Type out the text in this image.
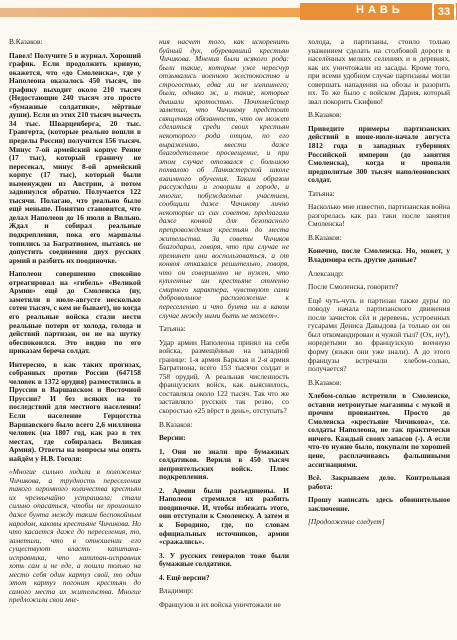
НАВЬ	33

В.Казаков:

Павел! Получите 5 в журнал. Хороший график. Если продолжить кривую, окажется, что «до Смоленска», где у Наполеона оказалось 450 тысяч, по графику выходит около 210 тысяч (Недостающие 240 тысяч это просто «бумажные солдатики», мёртвые души). Если из этих 210 тысяч вычесть 34 тыс. Шварценберга, 20 тыс. Гравгерта, (которые реально вошли в пределы России) получится 156 тысяч. Минус 7-ой армейский корпус Рение (17 тыс), который граничу не пересекал, минус 8-ой армейский корпус (17 тыс), который были выменужден из Австрии, а потом задвинулся обратно. Получается 122 тысячи. Полагаю, что реально было ещё меньше. Понятно становится, что делал Наполеон до 16 июля в Вильно. Ждал и собирал реальные подкрепления, пока его маршалы топились за Багратионом, пытаясь не допустить соединения двух русских армий и разбить их поодиночке.

Наполеон совершенно спокойно отреагировал на «гибель» «Великой Армии» ещё до Смоленска (ну, заметили в июле-августе несколько сотен тысяч, с кем не бывает), но когда его реальные войска стали нести реальные потери от холода, голода и действий партизан, он не на шутку обеспокоился. Это видно по его приказам береча солдат.

Интересно, в как таких прогнзах, собранных против России (647158 человек в 1372 орудия) разместились в Пруссии в Варшавском и Восточной Пруссии? И без всяких на то последствий для местного населения! Если население Герцогства Варшавского было всего 2,6 миллиона человек (на 1807 год, как раз в тех местах, где собиралась Великая Армия). Ответы на вопросы мы опять найдём у Н.В. Гоголя:

«Многие сильно ходили в положение Чичикова, а трудность переселения такого огромного количества крестьян их чрезвычайно устрашала; стали сильно опасаться, чтобы не произошло даже бунта между таким беспокойным народом, каковы крестьяне Чичикова. Но что касается даже до переселения, то, заметили, что в отношении его существуют власть капитана-исправника, что капитан-исправник хоть сам и не еде, а пошли только на место себя один картуз свой, то один этот картуз погонит крестьян до самого места их жительства. Многие предложили свои мне-

ния насчет того, как искоренить буйный дух, обуревавший крестьян Чичикова. Мнения были всякого рода: были такие, которые уже чересчур отзывались военною жестокостью и строгостью, едва ли не излишнего; были, однако ж, и такие, которые дышали кротостью. Почтмейстер заметил, что Чичикову предстоит священная обязанность, что он может сделаться среди своих крестьян некоторого рода отцом, по его выражению, ввести даже благодетельное просвещение, и при этом случае отозвался с большою похвалою об Ланкастерской школе взаимного обучения. Таким образом рассуждали и говорили в городе, и многие, побуждаемые участием, сообщили даже Чичикову лично некоторые из сих советов, предлагали даже конвой для безопасного препровождения крестьян до места жительства. За советы Чичиков благодарил, говоря, что при случае не преминет ими воспользоваться, а от конвоя отказался решительно, говоря, что он совершенно не нужен, что купленные им крестьяне отменно смирного характера, чувствуют сами добровольное расположение к переселению и что бунта ни в каком случае между ними быть не может».

Татьяна:

Удар армии Наполеона принял на себя войска, размещённые на западной границе: 1-я армия Барклая и 2-я армия Багратиона, всего 153 тысячи солдат и 758 орудий. А реальная численность французских войск, как выяснилось, составляла около 122 тысяч. Так что же заставляло русских так резво, со скоростью «25 вёрст в день», отступать?

В.Казаков:

Версии:

1. Они не знали про бумажных солдатиков. Верили в 450 тысяч неприятельских войск. Плюс подкрепления.

2. Армии были разъединены. И Наполеон стремился их разбить поодиночке. И, чтобы избежать этого, они отступали к Смоленску. А затем и к Бородино, где, по словам официальных источников, армии «сражались».

3. У русских генералов тоже были бумажные солдатики.

4. Ещё версии?

Владимир:

Французов и их войска уничтожали не

холода, а партизаны, стоило только уважением сделать на столбовой дороги в населённых мелких селениях и в деревнях, как их уничтожали из засады. Кроме того, при всеми удобном случае партизаны могли совершать нападения на обозы и разорить их. То же было с войском Дария, который звал покорить Скифию!

В.Казаков:

Приведите примеры партизанских действий в июне-июле-начале августа 1812 года в западных губерниях Российской империи (до занятия Смоленска), когда и пропали предполитые 300 тысяч наполеоновских солдат.

Татьяна:

Насколько мне известно, партизанская война разгорелась как раз таки после занятия Смоленска!

В.Казаков:

Конечно, после Смоленска. Но, может, у Владимира есть другие данные?

Александр:

После Смоленска, говорите?

Ещё чуть-чуть и партизан также дуры по поводу начала партизанского движения после зачисток сёл и деревень, устроенных гусарами Дениса Давыдова (а только он он был откомандирован и чужой тыл? (Ох, ну!), норедетыми во французскую военную форму (языки они уже знали). А до этого французы встречали хлебом-солью, получается?

В.Казаков:

Хлебом-солью встретили в Смоленске, оставив нетронутые магазины с мукой и прочим провиантом. Просто до Смоленска «крестьяне Чичикова», т.е. солдаты Наполеона, не так практически ничего. Каждый своих запасов (-). А если что-то нужно было, покупали по хорошей цене, расплачиваясь фальшивыми ассигнациями.

Всё. Закрываем дело. Контрольная работа:

Прошу написать здесь обвинительное заключение.

[Продолжение следует]
